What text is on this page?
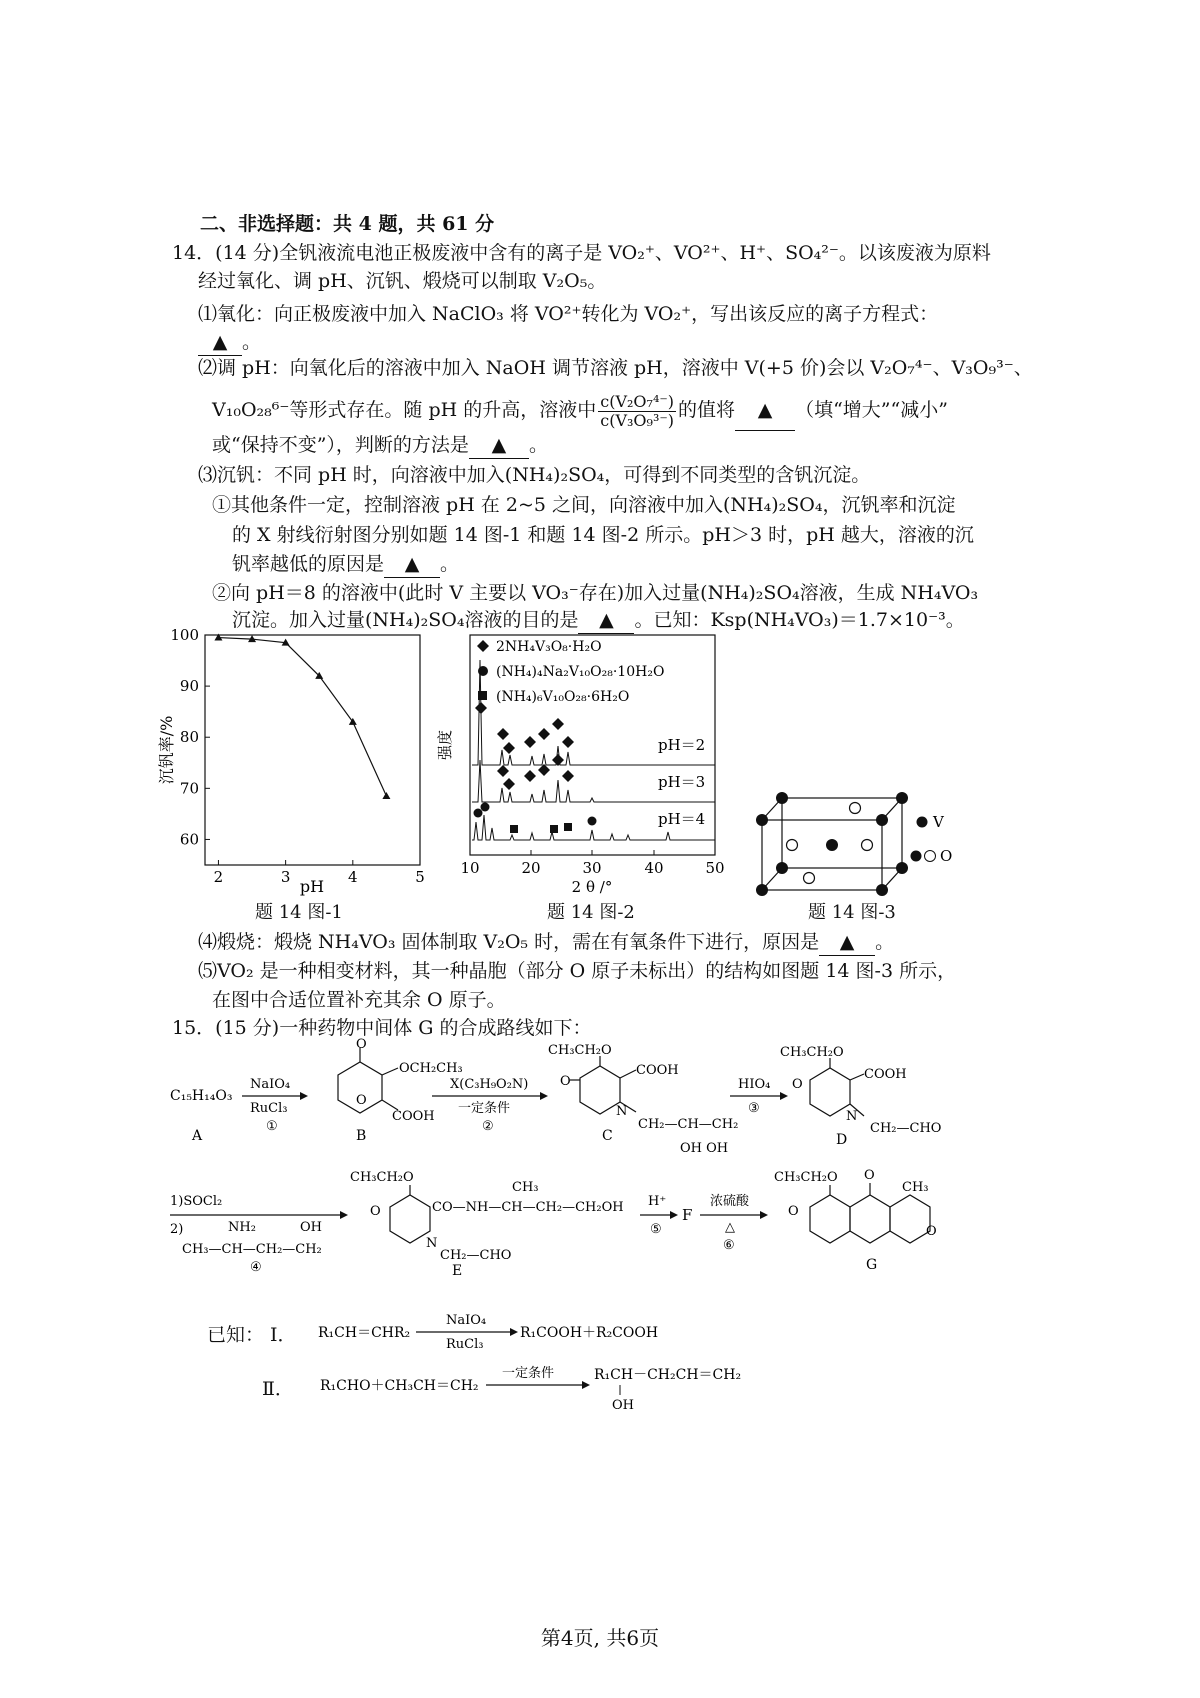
二、非选择题：共 4 题，共 61 分
14．(14 分)全钒液流电池正极废液中含有的离子是 VO₂⁺、VO²⁺、H⁺、SO₄²⁻。以该废液为原料
经过氧化、调 pH、沉钒、煅烧可以制取 V₂O₅。
⑴氧化：向正极废液中加入 NaClO₃ 将 VO²⁺转化为 VO₂⁺，写出该反应的离子方程式：
▲ 。
⑵调 pH：向氧化后的溶液中加入 NaOH 调节溶液 pH，溶液中 V(+5 价)会以 V₂O₇⁴⁻、V₃O₉³⁻、
V₁₀O₂₈⁶⁻等形式存在。随 pH 的升高，溶液中 $\frac{\text{c(V₂O₇⁴⁻)}}{\text{c(V₃O₉³⁻)}}$ 的值将 ▲ （填“增大”“减小”
或“保持不变”），判断的方法是 ▲ 。
⑶沉钒：不同 pH 时，向溶液中加入(NH₄)₂SO₄，可得到不同类型的含钒沉淀。
①其他条件一定，控制溶液 pH 在 2~5 之间，向溶液中加入(NH₄)₂SO₄，沉钒率和沉淀
的 X 射线衍射图分别如题 14 图-1 和题 14 图-2 所示。pH＞3 时，pH 越大，溶液的沉
钒率越低的原因是 ▲ 。
②向 pH＝8 的溶液中(此时 V 主要以 VO₃⁻存在)加入过量(NH₄)₂SO₄溶液，生成 NH₄VO₃
沉淀。加入过量(NH₄)₂SO₄溶液的目的是 ▲ 。已知：Ksp(NH₄VO₃)＝1.7×10⁻³。
2	3	4	5
60
70
80
90
100
沉钒率/%
pH
题 14 图-1
强度
10	20	30	40	50
2 θ /°
2NH₄V₃O₈·H₂O
(NH₄)₄Na₂V₁₀O₂₈·10H₂O
(NH₄)₆V₁₀O₂₈·6H₂O
pH＝2
pH＝3
pH＝4
题 14 图-2
V
O
题 14 图-3
⑷煅烧：煅烧 NH₄VO₃ 固体制取 V₂O₅ 时，需在有氧条件下进行，原因是 ▲ 。
⑸VO₂ 是一种相变材料，其一种晶胞（部分 O 原子未标出）的结构如图题 14 图-3 所示，
在图中合适位置补充其余 O 原子。
15．(15 分)一种药物中间体 G 的合成路线如下：
C₁₅H₁₄O₃
A
NaIO₄
RuCl₃
①
O
OCH₂CH₃
O
COOH
B
X(C₃H₉O₂N)
一定条件
②
O
CH₃CH₂O
COOH
N
CH₂—CH—CH₂
OH OH
C
HIO₄
③
O
CH₃CH₂O
COOH
N
CH₂—CHO
D
1)SOCl₂
2)	NH₂	OH
CH₃—CH—CH₂—CH₂
④
O
CH₃CH₂O
CO—NH—CH—CH₂—CH₂OH
CH₃
N
CH₂—CHO
E
H⁺
⑤
F
浓硫酸
△
⑥
O
CH₃CH₂O O
CH₃
O
G
已知： Ⅰ． R₁CH＝CHR₂
NaIO₄
RuCl₃
R₁COOH＋R₂COOH
R₁CHO＋CH₃CH＝CH₂
一定条件	R₁CH－CH₂CH＝CH₂
OH
Ⅱ．
第4页, 共6页
